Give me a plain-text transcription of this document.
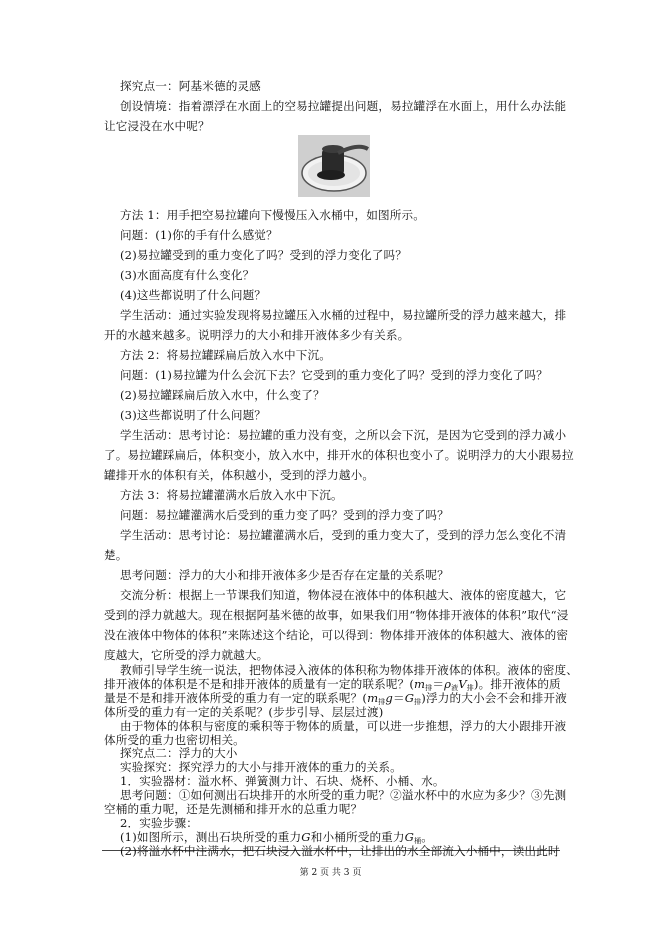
探究点一：阿基米德的灵感
创设情境：指着漂浮在水面上的空易拉罐提出问题，易拉罐浮在水面上，用什么办法能
让它浸没在水中呢？
方法 1：用手把空易拉罐向下慢慢压入水桶中，如图所示。
问题：(1)你的手有什么感觉？
(2)易拉罐受到的重力变化了吗？受到的浮力变化了吗？
(3)水面高度有什么变化？
(4)这些都说明了什么问题？
学生活动：通过实验发现将易拉罐压入水桶的过程中，易拉罐所受的浮力越来越大，排
开的水越来越多。说明浮力的大小和排开液体多少有关系。
方法 2：将易拉罐踩扁后放入水中下沉。
问题：(1)易拉罐为什么会沉下去？它受到的重力变化了吗？受到的浮力变化了吗？
(2)易拉罐踩扁后放入水中，什么变了？
(3)这些都说明了什么问题？
学生活动：思考讨论：易拉罐的重力没有变，之所以会下沉，是因为它受到的浮力减小
了。易拉罐踩扁后，体积变小，放入水中，排开水的体积也变小了。说明浮力的大小跟易拉
罐排开水的体积有关，体积越小，受到的浮力越小。
方法 3：将易拉罐灌满水后放入水中下沉。
问题：易拉罐灌满水后受到的重力变了吗？受到的浮力变了吗？
学生活动：思考讨论：易拉罐灌满水后，受到的重力变大了，受到的浮力怎么变化不清
楚。
思考问题：浮力的大小和排开液体多少是否存在定量的关系呢？
交流分析：根据上一节课我们知道，物体浸在液体中的体积越大、液体的密度越大，它
受到的浮力就越大。现在根据阿基米德的故事，如果我们用“物体排开液体的体积”取代“浸
没在液体中物体的体积”来陈述这个结论，可以得到：物体排开液体的体积越大、液体的密
度越大，它所受的浮力就越大。
教师引导学生统一说法，把物体浸入液体的体积称为物体排开液体的体积。液体的密度、
排开液体的体积是不是和排开液体的质量有一定的联系呢？$(m_排=\rho_液V_排)$。排开液体的质
量是不是和排开液体所受的重力有一定的联系呢？$(m_排g=G_排)$浮力的大小会不会和排开液
体所受的重力有一定的关系呢？(步步引导、层层过渡)
由于物体的体积与密度的乘积等于物体的质量，可以进一步推想，浮力的大小跟排开液
体所受的重力也密切相关。
探究点二：浮力的大小
实验探究：探究浮力的大小与排开液体的重力的关系。
1．实验器材：溢水杯、弹簧测力计、石块、烧杯、小桶、水。
思考问题：①如何测出石块排开的水所受的重力呢？②溢水杯中的水应为多少？③先测
第 2 页 共 3 页
空桶的重力呢，还是先测桶和排开水的总重力呢？
2．实验步骤：
(1)如图所示，测出石块所受的重力G和小桶所受的重力$G_桶$。
(2)将溢水杯中注满水，把石块浸入溢水杯中，让排出的水全部流入小桶中，读出此时
